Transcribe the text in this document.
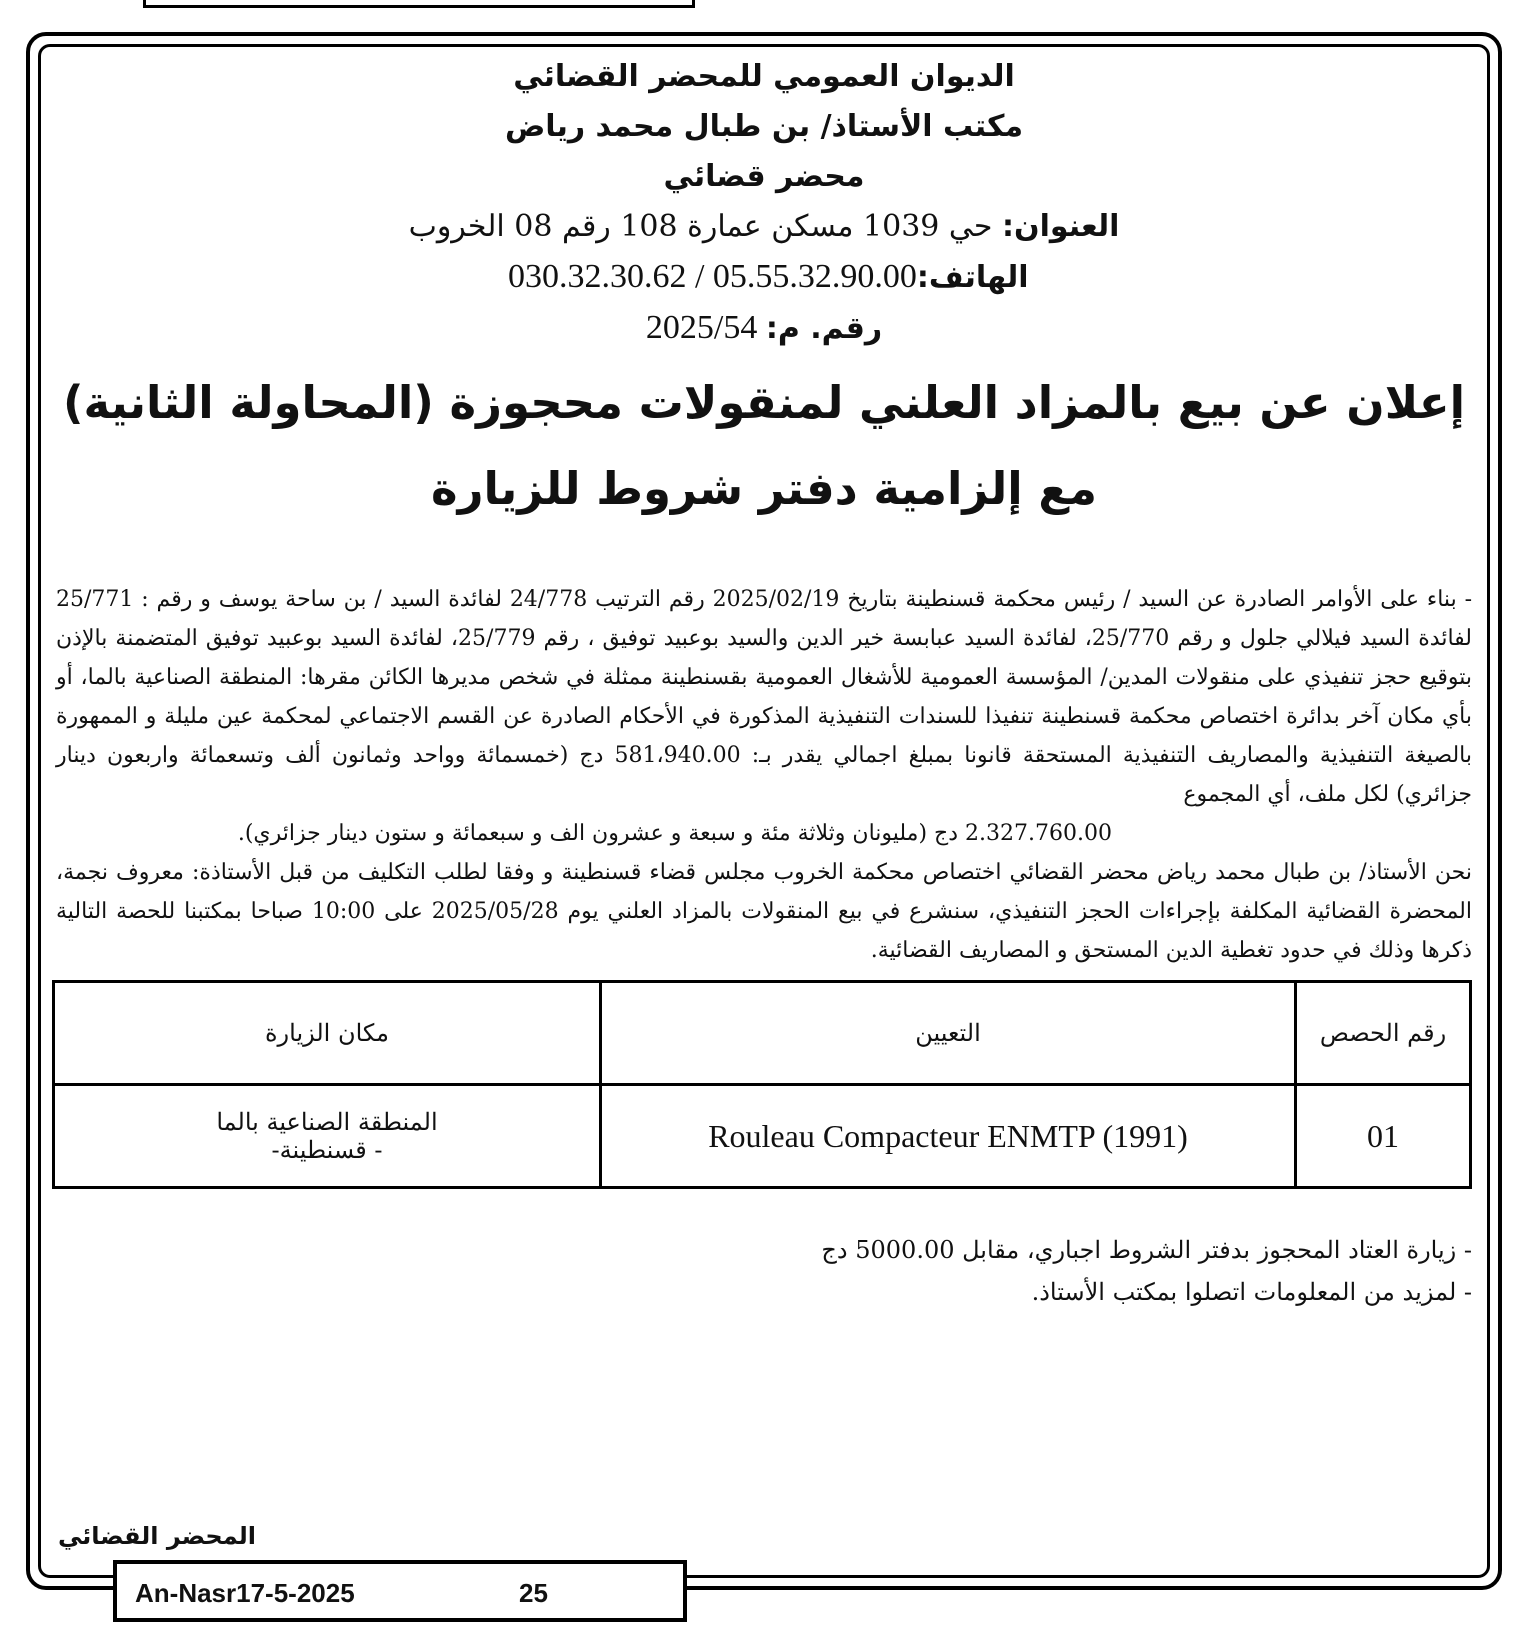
الديوان العمومي للمحضر القضائي
مكتب الأستاذ/ بن طبال محمد رياض
محضر قضائي
العنوان: حي 1039 مسكن عمارة 108 رقم 08 الخروب
الهاتف: 030.32.30.62 / 05.55.32.90.00
رقم. م: 2025/54
إعلان عن بيع بالمزاد العلني لمنقولات محجوزة (المحاولة الثانية)
مع إلزامية دفتر شروط للزيارة

- بناء على الأوامر الصادرة عن السيد / رئيس محكمة قسنطينة بتاريخ 2025/02/19 رقم الترتيب 24/778 لفائدة السيد / بن ساحة يوسف و رقم : 25/771 لفائدة السيد فيلالي جلول و رقم 25/770، لفائدة السيد عبابسة خير الدين والسيد بوعبيد توفيق ، رقم 25/779، لفائدة السيد بوعبيد توفيق المتضمنة بالإذن بتوقيع حجز تنفيذي على منقولات المدين/ المؤسسة العمومية للأشغال العمومية بقسنطينة ممثلة في شخص مديرها الكائن مقرها: المنطقة الصناعية بالما، أو بأي مكان آخر بدائرة اختصاص محكمة قسنطينة تنفيذا للسندات التنفيذية المذكورة في الأحكام الصادرة عن القسم الاجتماعي لمحكمة عين مليلة و الممهورة بالصيغة التنفيذية والمصاريف التنفيذية المستحقة قانونا بمبلغ اجمالي يقدر بـ: 581،940.00 دج (خمسمائة وواحد وثمانون ألف وتسعمائة واربعون دينار جزائري) لكل ملف، أي المجموع

2.327.760.00 دج (مليونان وثلاثة مئة و سبعة و عشرون الف و سبعمائة و ستون دينار جزائري).

نحن الأستاذ/ بن طبال محمد رياض محضر القضائي اختصاص محكمة الخروب مجلس قضاء قسنطينة و وفقا لطلب التكليف من قبل الأستاذة: معروف نجمة، المحضرة القضائية المكلفة بإجراءات الحجز التنفيذي، سنشرع في بيع المنقولات بالمزاد العلني يوم 2025/05/28 على 10:00 صباحا بمكتبنا للحصة التالية ذكرها وذلك في حدود تغطية الدين المستحق و المصاريف القضائية.

رقم الحصص	التعيين	مكان الزيارة
01	Rouleau Compacteur ENMTP (1991)	المنطقة الصناعية بالما
- قسنطينة-

- زيارة العتاد المحجوز بدفتر الشروط اجباري، مقابل 5000.00 دج

- لمزيد من المعلومات اتصلوا بمكتب الأستاذ.

المحضر القضائي
An-Nasr17-5-2025	25
